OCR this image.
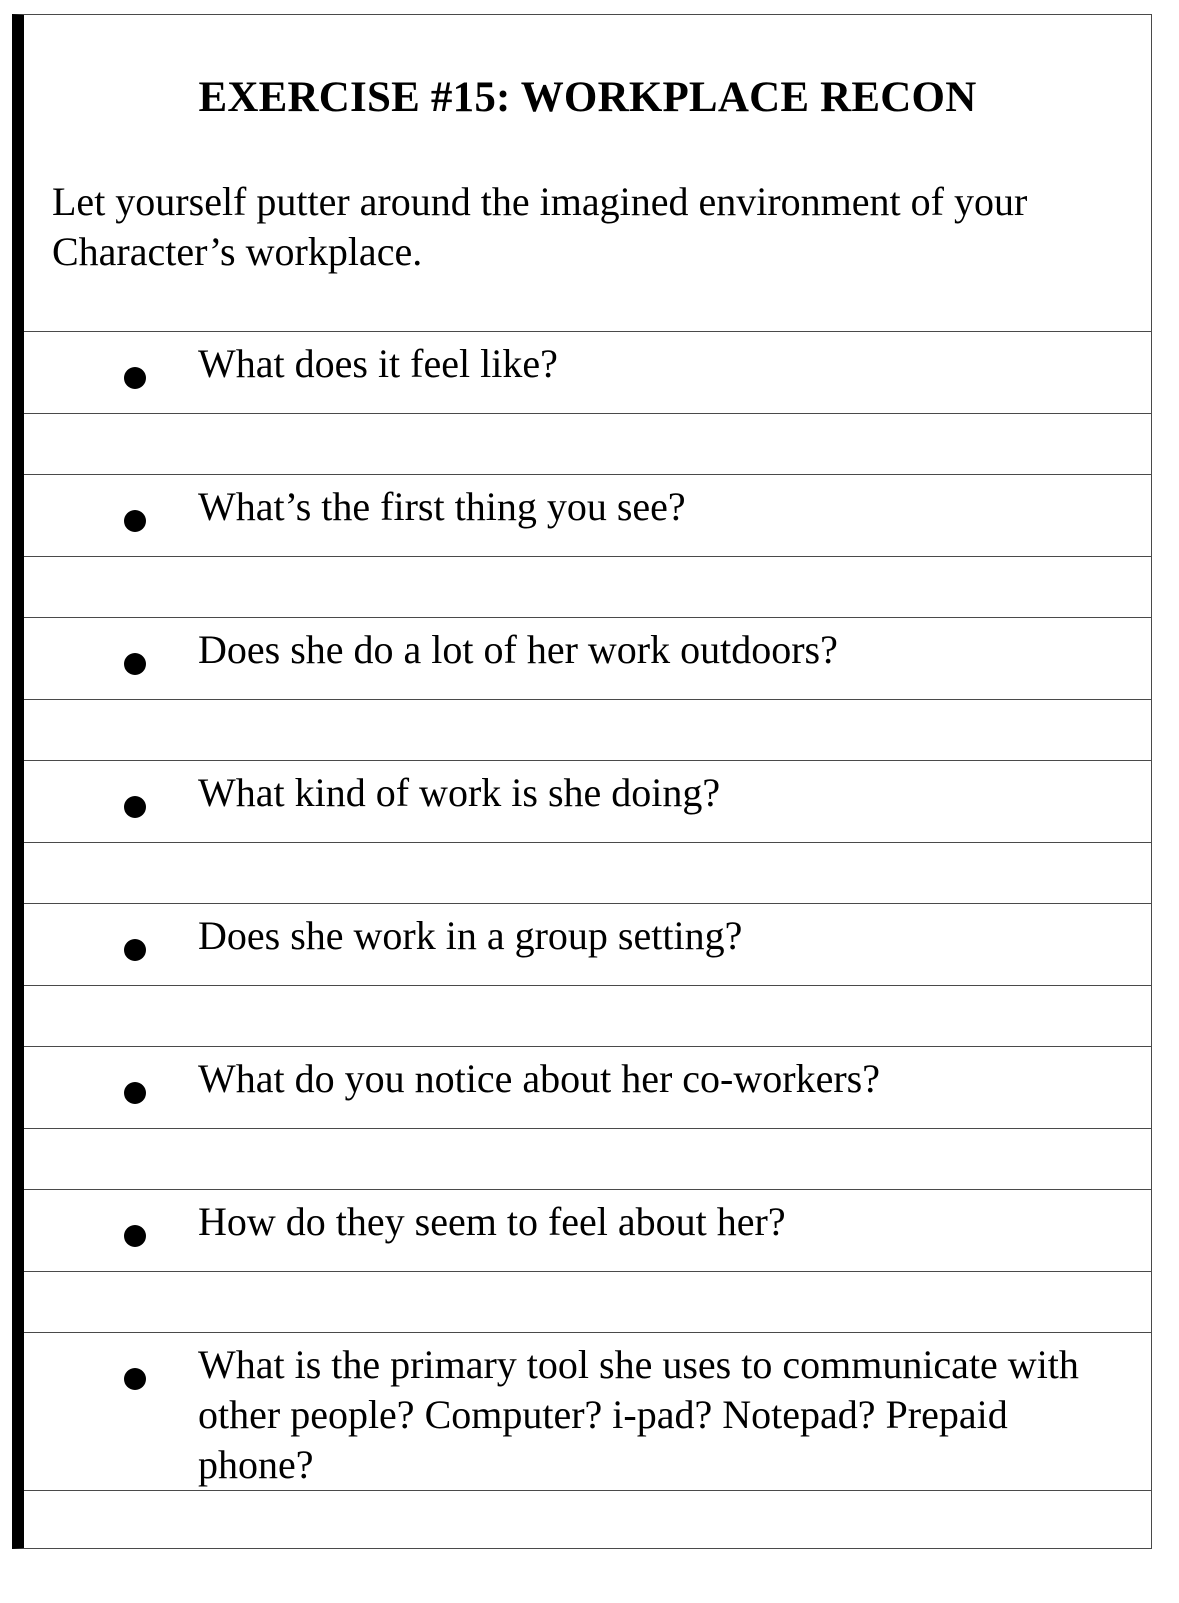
EXERCISE #15: WORKPLACE RECON

Let yourself putter around the imagined environment of your Character’s workplace.

What does it feel like?
What’s the first thing you see?
Does she do a lot of her work outdoors?
What kind of work is she doing?
Does she work in a group setting?
What do you notice about her co-workers?
How do they seem to feel about her?
What is the primary tool she uses to communicate with other people? Computer? i-pad? Notepad? Prepaid phone?
